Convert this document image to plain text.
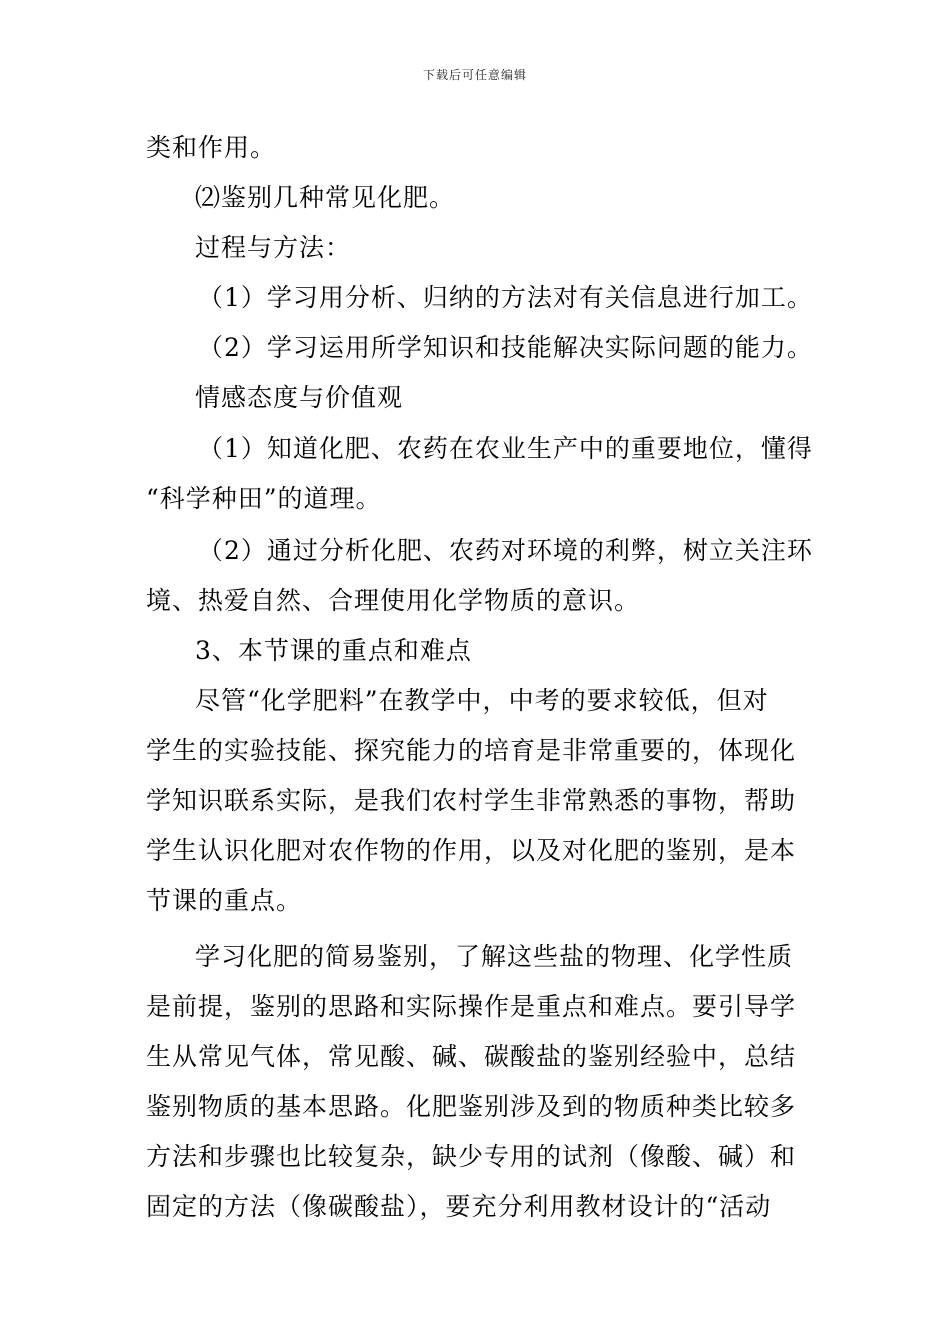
下载后可任意编辑
类和作用。
⑵鉴别几种常见化肥。
过程与方法：
（1）学习用分析、归纳的方法对有关信息进行加工。
（2）学习运用所学知识和技能解决实际问题的能力。
情感态度与价值观
（1）知道化肥、农药在农业生产中的重要地位，懂得
“科学种田”的道理。
（2）通过分析化肥、农药对环境的利弊，树立关注环
境、热爱自然、合理使用化学物质的意识。
3、本节课的重点和难点
尽管“化学肥料”在教学中，中考的要求较低，但对
学生的实验技能、探究能力的培育是非常重要的，体现化
学知识联系实际，是我们农村学生非常熟悉的事物，帮助
学生认识化肥对农作物的作用，以及对化肥的鉴别，是本
节课的重点。
学习化肥的简易鉴别，了解这些盐的物理、化学性质
是前提，鉴别的思路和实际操作是重点和难点。要引导学
生从常见气体，常见酸、碱、碳酸盐的鉴别经验中，总结
鉴别物质的基本思路。化肥鉴别涉及到的物质种类比较多
方法和步骤也比较复杂，缺少专用的试剂（像酸、碱）和
固定的方法（像碳酸盐），要充分利用教材设计的“活动
